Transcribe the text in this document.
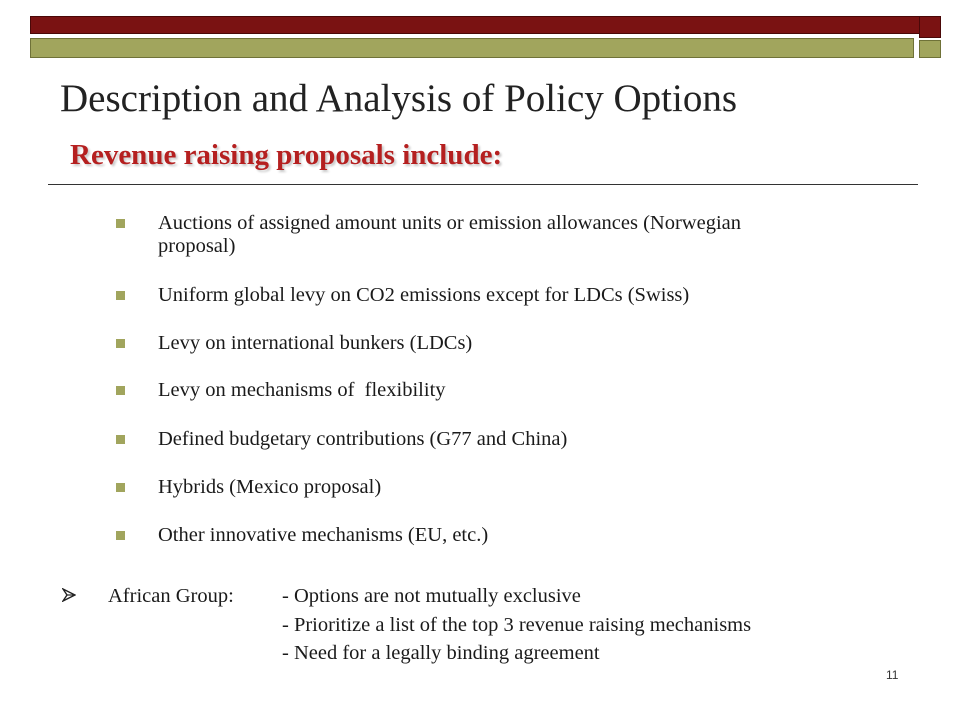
Description and Analysis of Policy Options
Revenue raising proposals include:
Auctions of assigned amount units or emission allowances (Norwegian proposal)
Uniform global levy on CO2 emissions except for LDCs (Swiss)
Levy on international bunkers (LDCs)
Levy on mechanisms of  flexibility
Defined budgetary contributions (G77 and China)
Hybrids (Mexico proposal)
Other innovative mechanisms (EU, etc.)
African Group: - Options are not mutually exclusive
- Prioritize a list of the top 3 revenue raising mechanisms
- Need for a legally binding agreement
11
